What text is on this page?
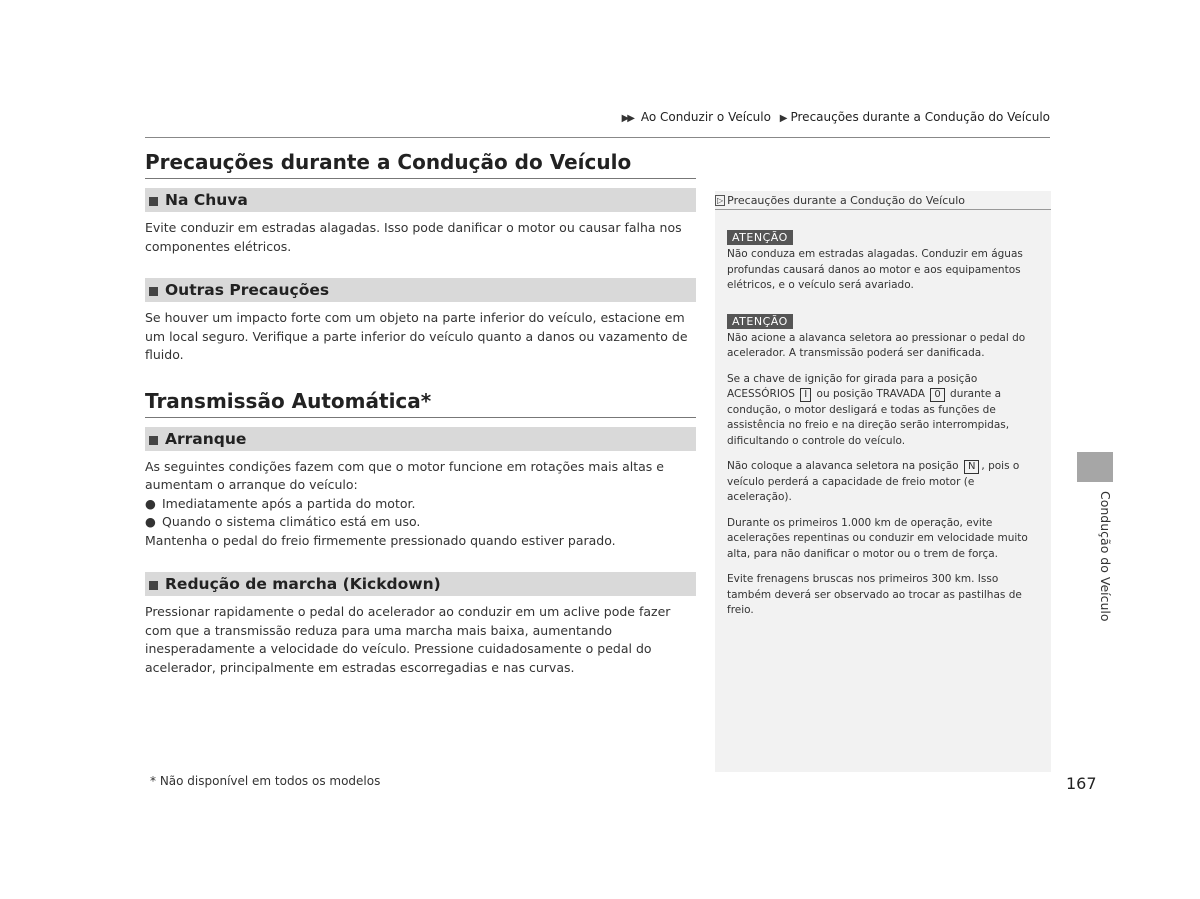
▶▶ Ao Conduzir o Veículo ▶ Precauções durante a Condução do Veículo
Precauções durante a Condução do Veículo
Na Chuva
Evite conduzir em estradas alagadas. Isso pode danificar o motor ou causar falha nos componentes elétricos.
Outras Precauções
Se houver um impacto forte com um objeto na parte inferior do veículo, estacione em um local seguro. Verifique a parte inferior do veículo quanto a danos ou vazamento de fluido.
Transmissão Automática*
Arranque
As seguintes condições fazem com que o motor funcione em rotações mais altas e aumentam o arranque do veículo:
● Imediatamente após a partida do motor.
● Quando o sistema climático está em uso.
Mantenha o pedal do freio firmemente pressionado quando estiver parado.
Redução de marcha (Kickdown)
Pressionar rapidamente o pedal do acelerador ao conduzir em um aclive pode fazer com que a transmissão reduza para uma marcha mais baixa, aumentando inesperadamente a velocidade do veículo. Pressione cuidadosamente o pedal do acelerador, principalmente em estradas escorregadias e nas curvas.
▷ Precauções durante a Condução do Veículo
ATENÇÃO
Não conduza em estradas alagadas. Conduzir em águas profundas causará danos ao motor e aos equipamentos elétricos, e o veículo será avariado.
ATENÇÃO
Não acione a alavanca seletora ao pressionar o pedal do acelerador. A transmissão poderá ser danificada.
Se a chave de ignição for girada para a posição ACESSÓRIOS I ou posição TRAVADA 0 durante a condução, o motor desligará e todas as funções de assistência no freio e na direção serão interrompidas, dificultando o controle do veículo.
Não coloque a alavanca seletora na posição N , pois o veículo perderá a capacidade de freio motor (e aceleração).
Durante os primeiros 1.000 km de operação, evite acelerações repentinas ou conduzir em velocidade muito alta, para não danificar o motor ou o trem de força.
Evite frenagens bruscas nos primeiros 300 km. Isso também deverá ser observado ao trocar as pastilhas de freio.	Condução do Veículo
* Não disponível em todos os modelos	167
